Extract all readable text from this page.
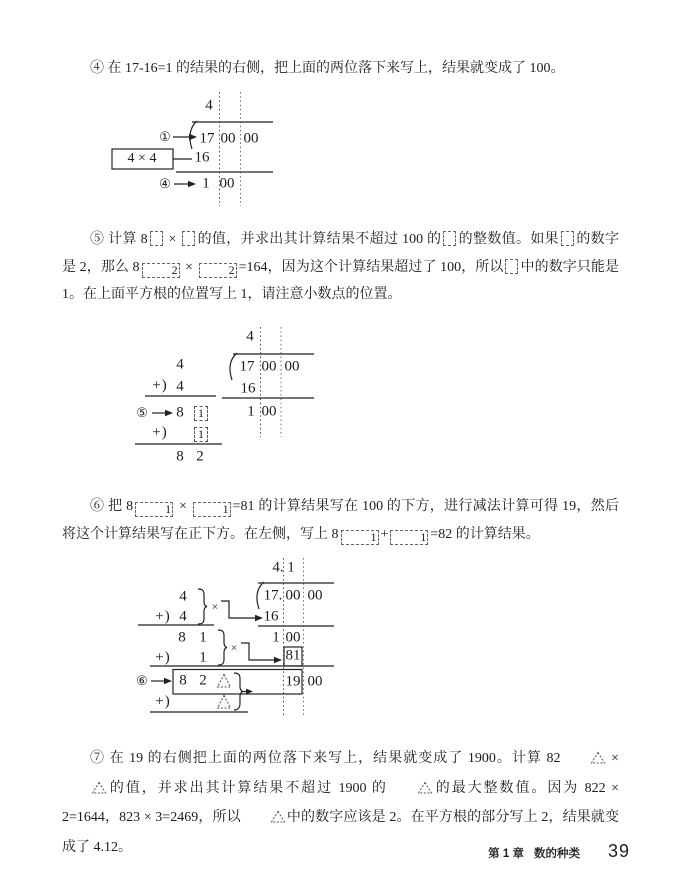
④ 在 17-16=1 的结果的右侧，把上面的两位落下来写上，结果就变成了 100。
⑤ 计算 8 × 的值，并求出其计算结果不超过 100 的 的整数值。如果 的数字是 2，那么 8	2 ×	2 =164，因为这个计算结果超过了 100，所以 中的数字只能是 1。在上面平方根的位置写上 1，请注意小数点的位置。
⑥ 把 8	1 ×	1 =81 的计算结果写在 100 的下方，进行减法计算可得 19，然后将这个计算结果写在正下方。在左侧，写上 8	1 +	1 =82 的计算结果。
⑦ 在 19 的右侧把上面的两位落下来写上，结果就变成了 1900。计算 82	× 的值，并求出其计算结果不超过 1900 的	的最大整数值。因为 822 × 2=1644，823 × 3=2469，所以	中的数字应该是 2。在平方根的部分写上 2，结果就变成了 4.12。
4
① 17 00 00
4 × 4	16
④ 1 00
4
17 00 00
4
+) 4
⑤ 8	1
+)	1
8 2
16
1 00
4. 1
17. 00 00
4
+) 4
×
16
8 1
+) 1
×
1 00
81
⑥ 8 2
+)
19 00
第 1 章 数的种类 39
